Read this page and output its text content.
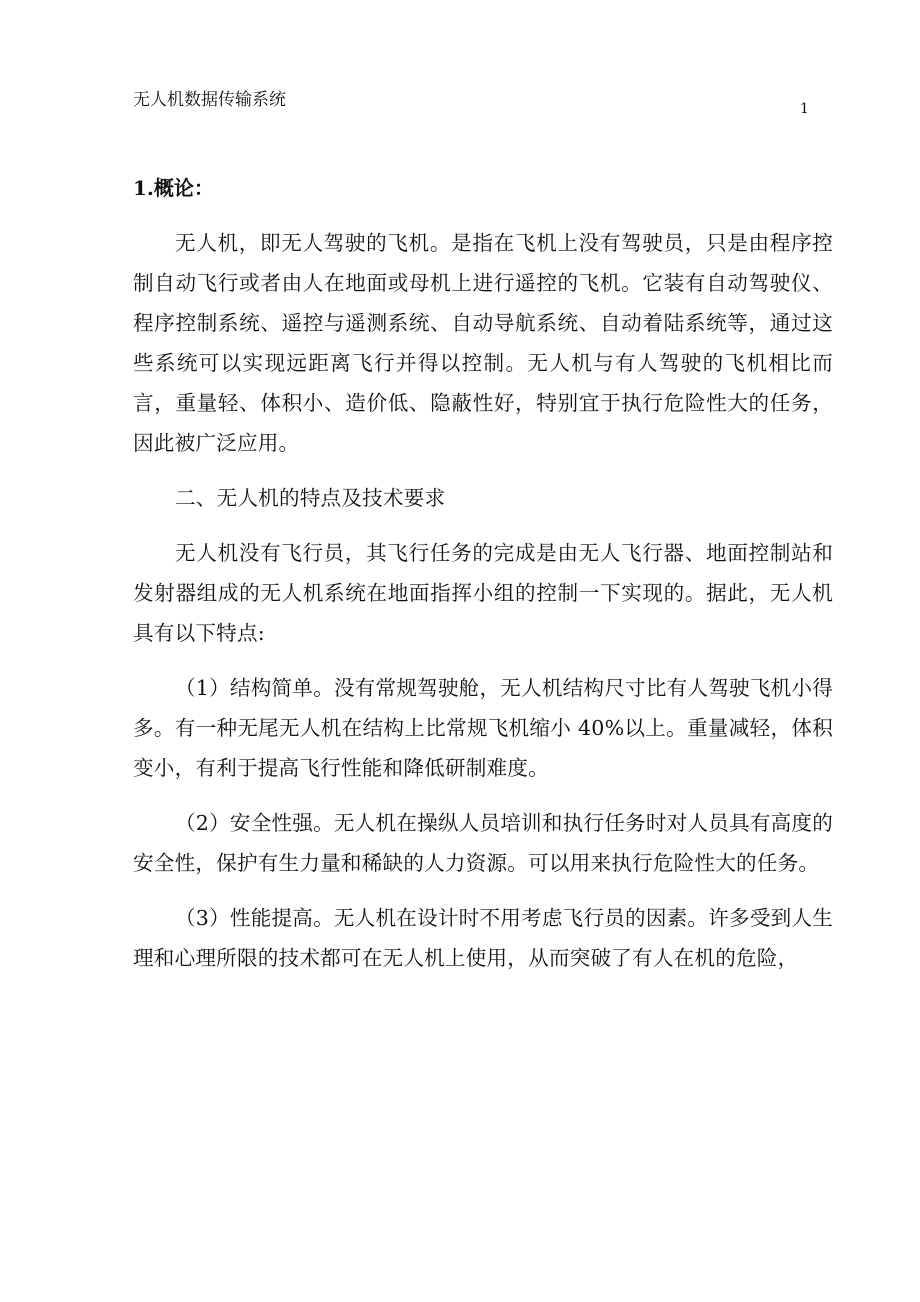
无人机数据传输系统	1
1.概论：

无人机，即无人驾驶的飞机。是指在飞机上没有驾驶员，只是由程序控制自动飞行或者由人在地面或母机上进行遥控的飞机。它装有自动驾驶仪、程序控制系统、遥控与遥测系统、自动导航系统、自动着陆系统等，通过这些系统可以实现远距离飞行并得以控制。无人机与有人驾驶的飞机相比而言，重量轻、体积小、造价低、隐蔽性好，特别宜于执行危险性大的任务，因此被广泛应用。

二、无人机的特点及技术要求

无人机没有飞行员，其飞行任务的完成是由无人飞行器、地面控制站和发射器组成的无人机系统在地面指挥小组的控制一下实现的。据此，无人机具有以下特点:

（1）结构简单。没有常规驾驶舱，无人机结构尺寸比有人驾驶飞机小得多。有一种无尾无人机在结构上比常规飞机缩小 40%以上。重量减轻，体积变小，有利于提高飞行性能和降低研制难度。

（2）安全性强。无人机在操纵人员培训和执行任务时对人员具有高度的安全性，保护有生力量和稀缺的人力资源。可以用来执行危险性大的任务。

（3）性能提高。无人机在设计时不用考虑飞行员的因素。许多受到人生理和心理所限的技术都可在无人机上使用，从而突破了有人在机的危险，
